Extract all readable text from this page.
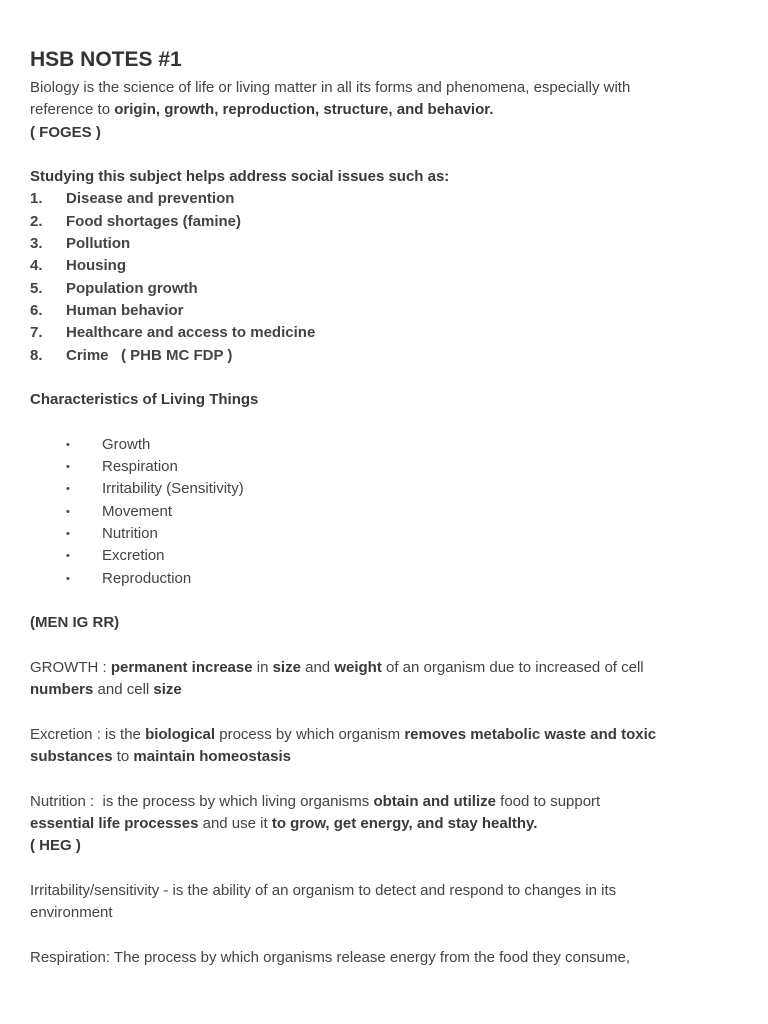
HSB NOTES #1

Biology is the science of life or living matter in all its forms and phenomena, especially with

reference to origin, growth, reproduction, structure, and behavior.

( FOGES )

Studying this subject helps address social issues such as:

1.	Disease and prevention
2.	Food shortages (famine)
3.	Pollution
4.	Housing
5.	Population growth
6.	Human behavior
7.	Healthcare and access to medicine
8.	Crime   ( PHB MC FDP )

Characteristics of Living Things

•	Growth
•	Respiration
•	Irritability (Sensitivity)
•	Movement
•	Nutrition
•	Excretion
•	Reproduction

(MEN IG RR)

GROWTH : permanent increase in size and weight of an organism due to increased of cell

numbers and cell size

Excretion : is the biological process by which organism removes metabolic waste and toxic

substances to maintain homeostasis

Nutrition :  is the process by which living organisms obtain and utilize food to support

essential life processes and use it to grow, get energy, and stay healthy.

( HEG )

Irritability/sensitivity - is the ability of an organism to detect and respond to changes in its

environment

Respiration: The process by which organisms release energy from the food they consume,
